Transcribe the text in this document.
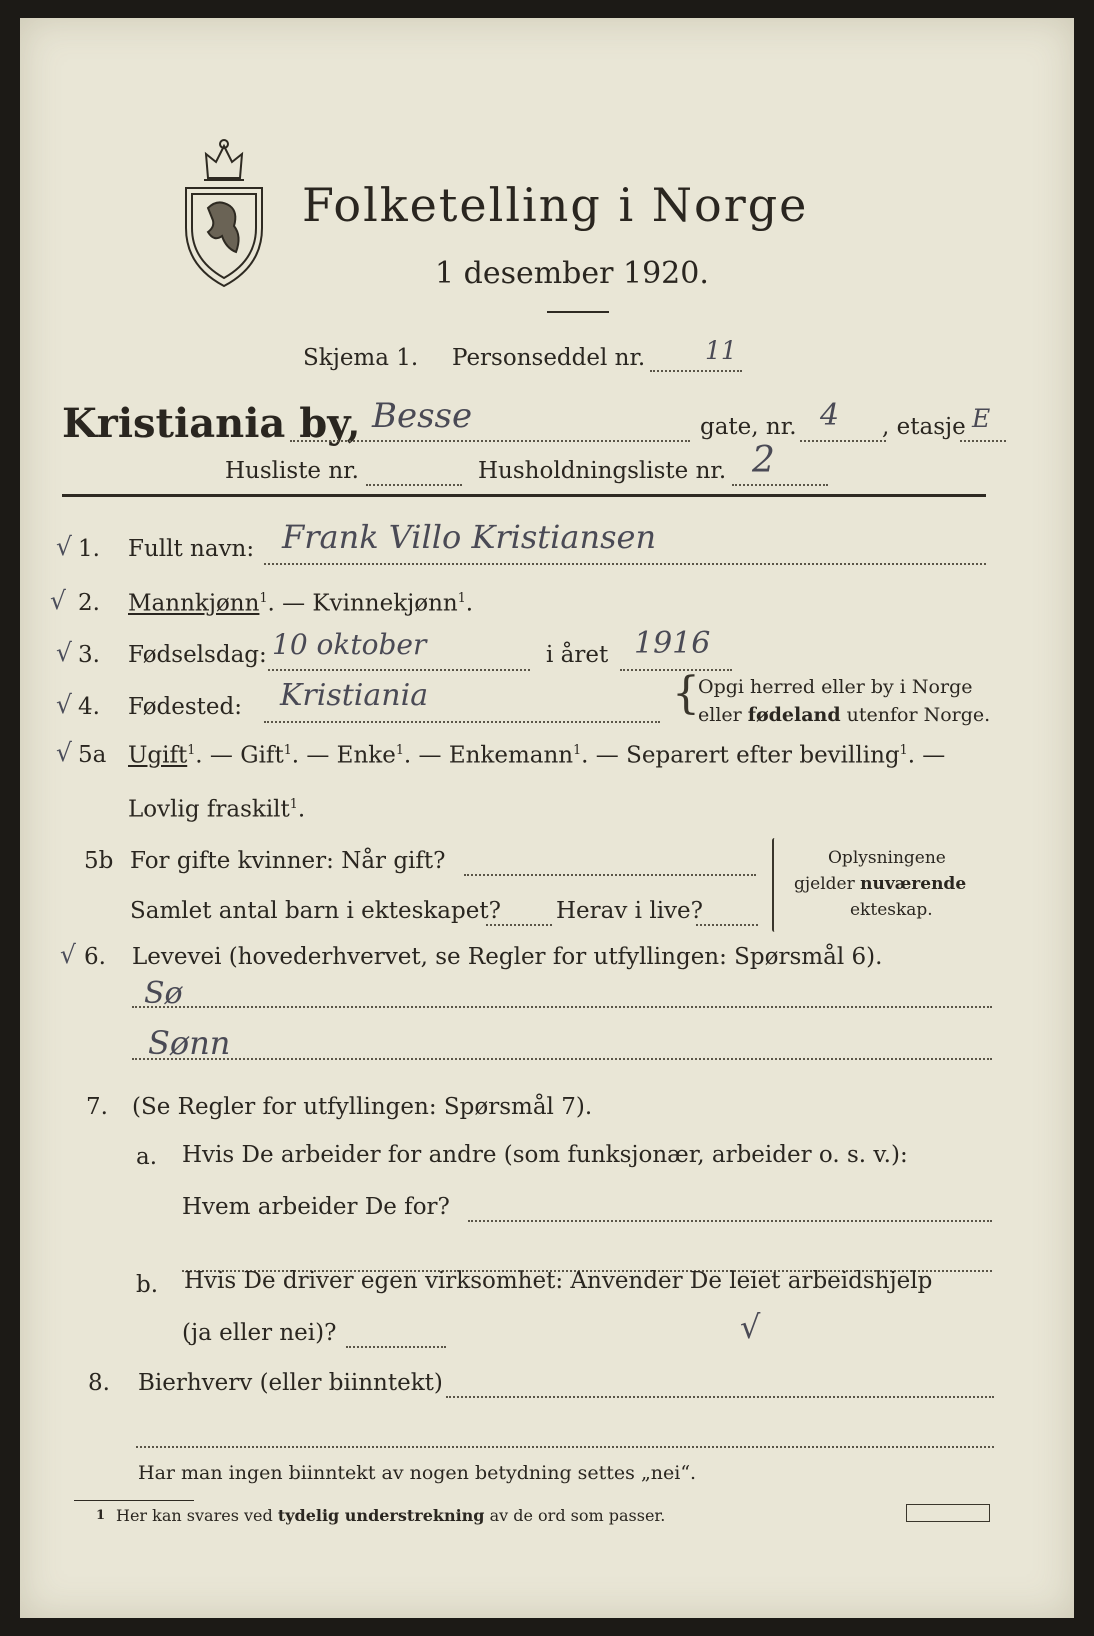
Folketelling i Norge
1 desember 1920.
Skjema 1. Personseddel nr. 11
Kristiania by, Besse	gate, nr. 4 , etasje E
Husliste nr.	Husholdningsliste nr. 2
√ 1. Fullt navn: Frank Villo Kristiansen
√ 2. Mannkjønn$^1$. — Kvinnekjønn$^1$.
√ 3. Fødselsdag: 10 oktober	i året 1916
√ 4. Fødested: Kristiania	{
Opgi herred eller by i Norge
eller fødeland utenfor Norge.
√ 5a Ugift$^1$. — Gift$^1$. — Enke$^1$. — Enkemann$^1$. — Separert efter bevilling$^1$. —
Lovlig fraskilt$^1$.
5b For gifte kvinner: Når gift?
Samlet antal barn i ekteskapet? Herav i live?
Oplysningene
gjelder nuværende
ekteskap.
√ 6. Levevei (hovederhvervet, se Regler for utfyllingen: Spørsmål 6).
Sø
Sønn
7. (Se Regler for utfyllingen: Spørsmål 7).
a. Hvis De arbeider for andre (som funksjonær, arbeider o. s. v.):
Hvem arbeider De for?
b. Hvis De driver egen virksomhet: Anvender De leiet arbeidshjelp
(ja eller nei)?	√
8. Bierhverv (eller biinntekt)
Har man ingen biinntekt av nogen betydning settes „nei“.
1 Her kan svares ved tydelig understrekning av de ord som passer.
